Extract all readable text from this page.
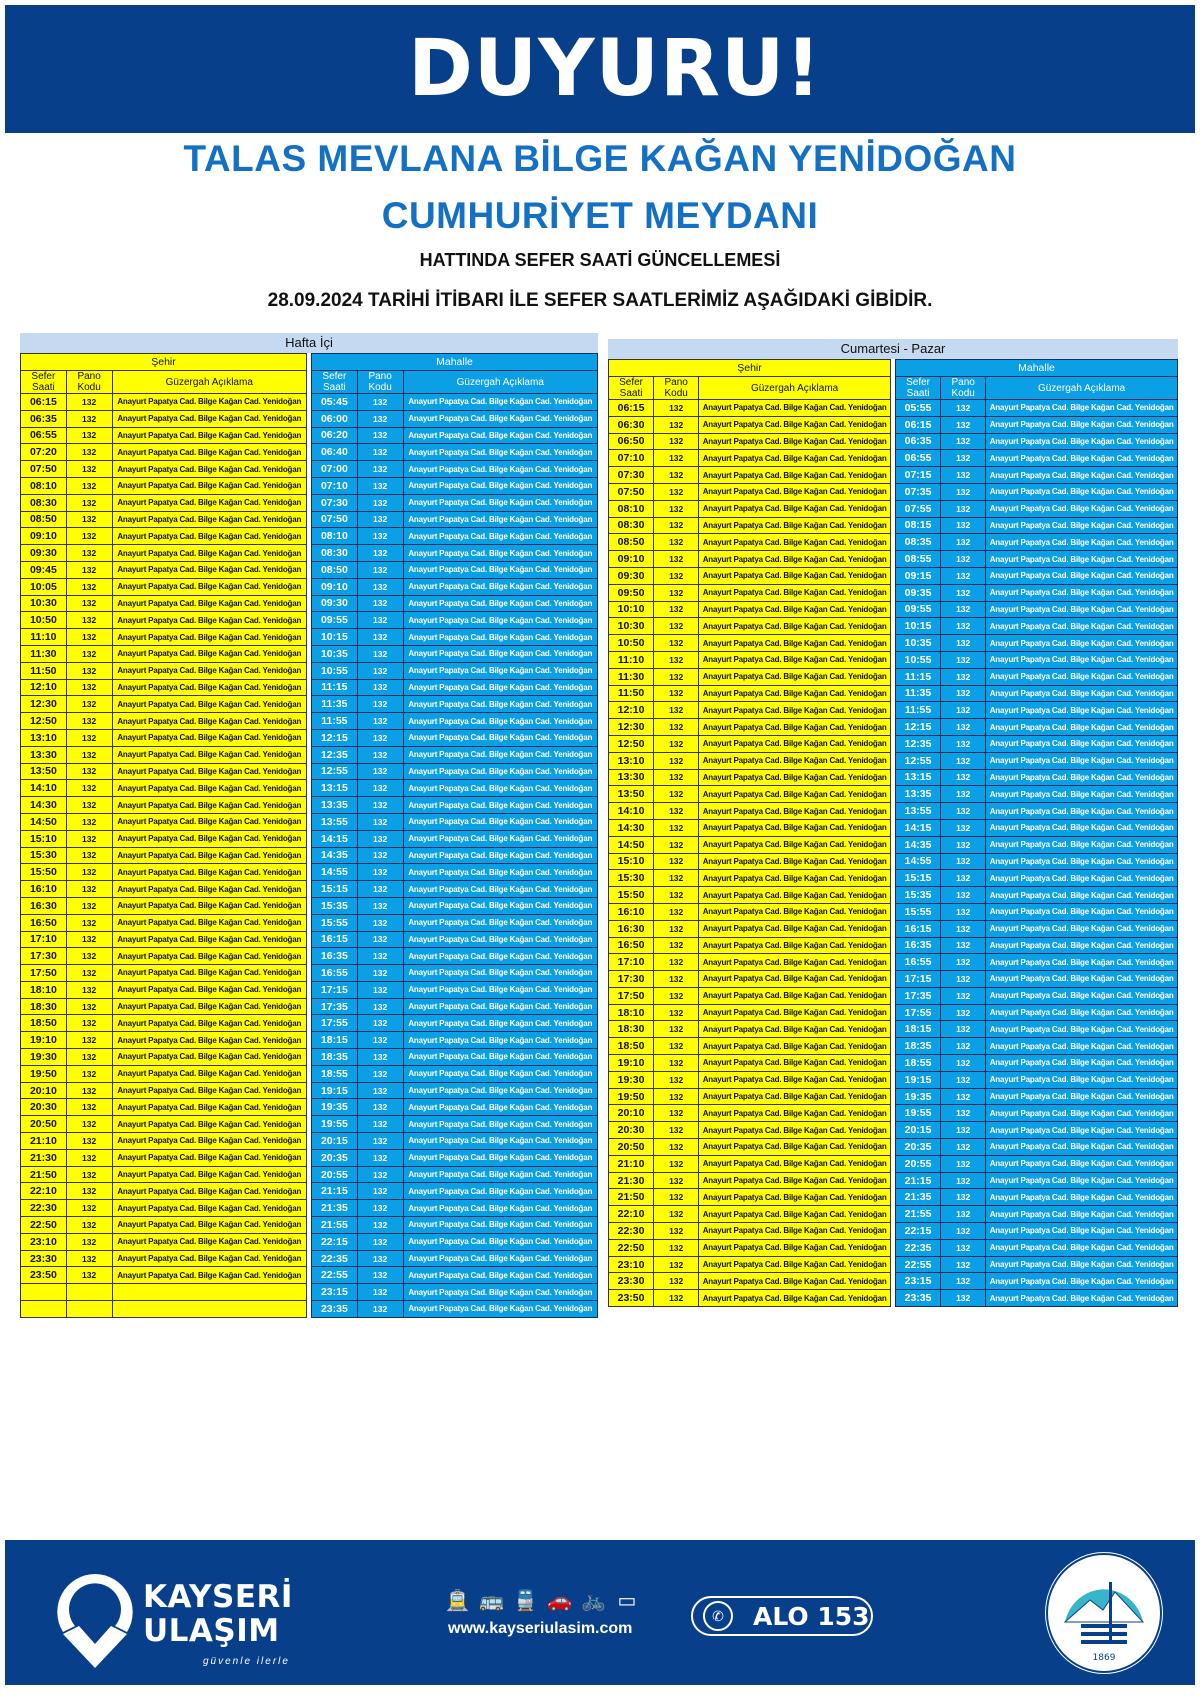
DUYURU!
TALAS MEVLANA BİLGE KAĞAN YENİDOĞAN
CUMHURİYET MEYDANI
HATTINDA SEFER SAATİ GÜNCELLEMESİ
28.09.2024 TARİHİ İTİBARI İLE SEFER SAATLERİMİZ AŞAĞIDAKİ GİBİDİR.
Hafta İçi
Şehir		
Sefer Saati	Pano Kodu	Güzergah Açıklama
06:15	132	Anayurt Papatya Cad. Bilge Kağan Cad. Yenidoğan
06:35	132	Anayurt Papatya Cad. Bilge Kağan Cad. Yenidoğan
06:55	132	Anayurt Papatya Cad. Bilge Kağan Cad. Yenidoğan
07:20	132	Anayurt Papatya Cad. Bilge Kağan Cad. Yenidoğan
07:50	132	Anayurt Papatya Cad. Bilge Kağan Cad. Yenidoğan
08:10	132	Anayurt Papatya Cad. Bilge Kağan Cad. Yenidoğan
08:30	132	Anayurt Papatya Cad. Bilge Kağan Cad. Yenidoğan
08:50	132	Anayurt Papatya Cad. Bilge Kağan Cad. Yenidoğan
09:10	132	Anayurt Papatya Cad. Bilge Kağan Cad. Yenidoğan
09:30	132	Anayurt Papatya Cad. Bilge Kağan Cad. Yenidoğan
09:45	132	Anayurt Papatya Cad. Bilge Kağan Cad. Yenidoğan
10:05	132	Anayurt Papatya Cad. Bilge Kağan Cad. Yenidoğan
10:30	132	Anayurt Papatya Cad. Bilge Kağan Cad. Yenidoğan
10:50	132	Anayurt Papatya Cad. Bilge Kağan Cad. Yenidoğan
11:10	132	Anayurt Papatya Cad. Bilge Kağan Cad. Yenidoğan
11:30	132	Anayurt Papatya Cad. Bilge Kağan Cad. Yenidoğan
11:50	132	Anayurt Papatya Cad. Bilge Kağan Cad. Yenidoğan
12:10	132	Anayurt Papatya Cad. Bilge Kağan Cad. Yenidoğan
12:30	132	Anayurt Papatya Cad. Bilge Kağan Cad. Yenidoğan
12:50	132	Anayurt Papatya Cad. Bilge Kağan Cad. Yenidoğan
13:10	132	Anayurt Papatya Cad. Bilge Kağan Cad. Yenidoğan
13:30	132	Anayurt Papatya Cad. Bilge Kağan Cad. Yenidoğan
13:50	132	Anayurt Papatya Cad. Bilge Kağan Cad. Yenidoğan
14:10	132	Anayurt Papatya Cad. Bilge Kağan Cad. Yenidoğan
14:30	132	Anayurt Papatya Cad. Bilge Kağan Cad. Yenidoğan
14:50	132	Anayurt Papatya Cad. Bilge Kağan Cad. Yenidoğan
15:10	132	Anayurt Papatya Cad. Bilge Kağan Cad. Yenidoğan
15:30	132	Anayurt Papatya Cad. Bilge Kağan Cad. Yenidoğan
15:50	132	Anayurt Papatya Cad. Bilge Kağan Cad. Yenidoğan
16:10	132	Anayurt Papatya Cad. Bilge Kağan Cad. Yenidoğan
16:30	132	Anayurt Papatya Cad. Bilge Kağan Cad. Yenidoğan
16:50	132	Anayurt Papatya Cad. Bilge Kağan Cad. Yenidoğan
17:10	132	Anayurt Papatya Cad. Bilge Kağan Cad. Yenidoğan
17:30	132	Anayurt Papatya Cad. Bilge Kağan Cad. Yenidoğan
17:50	132	Anayurt Papatya Cad. Bilge Kağan Cad. Yenidoğan
18:10	132	Anayurt Papatya Cad. Bilge Kağan Cad. Yenidoğan
18:30	132	Anayurt Papatya Cad. Bilge Kağan Cad. Yenidoğan
18:50	132	Anayurt Papatya Cad. Bilge Kağan Cad. Yenidoğan
19:10	132	Anayurt Papatya Cad. Bilge Kağan Cad. Yenidoğan
19:30	132	Anayurt Papatya Cad. Bilge Kağan Cad. Yenidoğan
19:50	132	Anayurt Papatya Cad. Bilge Kağan Cad. Yenidoğan
20:10	132	Anayurt Papatya Cad. Bilge Kağan Cad. Yenidoğan
20:30	132	Anayurt Papatya Cad. Bilge Kağan Cad. Yenidoğan
20:50	132	Anayurt Papatya Cad. Bilge Kağan Cad. Yenidoğan
21:10	132	Anayurt Papatya Cad. Bilge Kağan Cad. Yenidoğan
21:30	132	Anayurt Papatya Cad. Bilge Kağan Cad. Yenidoğan
21:50	132	Anayurt Papatya Cad. Bilge Kağan Cad. Yenidoğan
22:10	132	Anayurt Papatya Cad. Bilge Kağan Cad. Yenidoğan
22:30	132	Anayurt Papatya Cad. Bilge Kağan Cad. Yenidoğan
22:50	132	Anayurt Papatya Cad. Bilge Kağan Cad. Yenidoğan
23:10	132	Anayurt Papatya Cad. Bilge Kağan Cad. Yenidoğan
23:30	132	Anayurt Papatya Cad. Bilge Kağan Cad. Yenidoğan
23:50	132	Anayurt Papatya Cad. Bilge Kağan Cad. Yenidoğan

Mahalle		
Sefer Saati	Pano Kodu	Güzergah Açıklama
05:45	132	Anayurt Papatya Cad. Bilge Kağan Cad. Yenidoğan
06:00	132	Anayurt Papatya Cad. Bilge Kağan Cad. Yenidoğan
06:20	132	Anayurt Papatya Cad. Bilge Kağan Cad. Yenidoğan
06:40	132	Anayurt Papatya Cad. Bilge Kağan Cad. Yenidoğan
07:00	132	Anayurt Papatya Cad. Bilge Kağan Cad. Yenidoğan
07:10	132	Anayurt Papatya Cad. Bilge Kağan Cad. Yenidoğan
07:30	132	Anayurt Papatya Cad. Bilge Kağan Cad. Yenidoğan
07:50	132	Anayurt Papatya Cad. Bilge Kağan Cad. Yenidoğan
08:10	132	Anayurt Papatya Cad. Bilge Kağan Cad. Yenidoğan
08:30	132	Anayurt Papatya Cad. Bilge Kağan Cad. Yenidoğan
08:50	132	Anayurt Papatya Cad. Bilge Kağan Cad. Yenidoğan
09:10	132	Anayurt Papatya Cad. Bilge Kağan Cad. Yenidoğan
09:30	132	Anayurt Papatya Cad. Bilge Kağan Cad. Yenidoğan
09:55	132	Anayurt Papatya Cad. Bilge Kağan Cad. Yenidoğan
10:15	132	Anayurt Papatya Cad. Bilge Kağan Cad. Yenidoğan
10:35	132	Anayurt Papatya Cad. Bilge Kağan Cad. Yenidoğan
10:55	132	Anayurt Papatya Cad. Bilge Kağan Cad. Yenidoğan
11:15	132	Anayurt Papatya Cad. Bilge Kağan Cad. Yenidoğan
11:35	132	Anayurt Papatya Cad. Bilge Kağan Cad. Yenidoğan
11:55	132	Anayurt Papatya Cad. Bilge Kağan Cad. Yenidoğan
12:15	132	Anayurt Papatya Cad. Bilge Kağan Cad. Yenidoğan
12:35	132	Anayurt Papatya Cad. Bilge Kağan Cad. Yenidoğan
12:55	132	Anayurt Papatya Cad. Bilge Kağan Cad. Yenidoğan
13:15	132	Anayurt Papatya Cad. Bilge Kağan Cad. Yenidoğan
13:35	132	Anayurt Papatya Cad. Bilge Kağan Cad. Yenidoğan
13:55	132	Anayurt Papatya Cad. Bilge Kağan Cad. Yenidoğan
14:15	132	Anayurt Papatya Cad. Bilge Kağan Cad. Yenidoğan
14:35	132	Anayurt Papatya Cad. Bilge Kağan Cad. Yenidoğan
14:55	132	Anayurt Papatya Cad. Bilge Kağan Cad. Yenidoğan
15:15	132	Anayurt Papatya Cad. Bilge Kağan Cad. Yenidoğan
15:35	132	Anayurt Papatya Cad. Bilge Kağan Cad. Yenidoğan
15:55	132	Anayurt Papatya Cad. Bilge Kağan Cad. Yenidoğan
16:15	132	Anayurt Papatya Cad. Bilge Kağan Cad. Yenidoğan
16:35	132	Anayurt Papatya Cad. Bilge Kağan Cad. Yenidoğan
16:55	132	Anayurt Papatya Cad. Bilge Kağan Cad. Yenidoğan
17:15	132	Anayurt Papatya Cad. Bilge Kağan Cad. Yenidoğan
17:35	132	Anayurt Papatya Cad. Bilge Kağan Cad. Yenidoğan
17:55	132	Anayurt Papatya Cad. Bilge Kağan Cad. Yenidoğan
18:15	132	Anayurt Papatya Cad. Bilge Kağan Cad. Yenidoğan
18:35	132	Anayurt Papatya Cad. Bilge Kağan Cad. Yenidoğan
18:55	132	Anayurt Papatya Cad. Bilge Kağan Cad. Yenidoğan
19:15	132	Anayurt Papatya Cad. Bilge Kağan Cad. Yenidoğan
19:35	132	Anayurt Papatya Cad. Bilge Kağan Cad. Yenidoğan
19:55	132	Anayurt Papatya Cad. Bilge Kağan Cad. Yenidoğan
20:15	132	Anayurt Papatya Cad. Bilge Kağan Cad. Yenidoğan
20:35	132	Anayurt Papatya Cad. Bilge Kağan Cad. Yenidoğan
20:55	132	Anayurt Papatya Cad. Bilge Kağan Cad. Yenidoğan
21:15	132	Anayurt Papatya Cad. Bilge Kağan Cad. Yenidoğan
21:35	132	Anayurt Papatya Cad. Bilge Kağan Cad. Yenidoğan
21:55	132	Anayurt Papatya Cad. Bilge Kağan Cad. Yenidoğan
22:15	132	Anayurt Papatya Cad. Bilge Kağan Cad. Yenidoğan
22:35	132	Anayurt Papatya Cad. Bilge Kağan Cad. Yenidoğan
22:55	132	Anayurt Papatya Cad. Bilge Kağan Cad. Yenidoğan
23:15	132	Anayurt Papatya Cad. Bilge Kağan Cad. Yenidoğan
23:35	132	Anayurt Papatya Cad. Bilge Kağan Cad. Yenidoğan
Cumartesi - Pazar
Şehir		
Sefer Saati	Pano Kodu	Güzergah Açıklama
06:15	132	Anayurt Papatya Cad. Bilge Kağan Cad. Yenidoğan
06:30	132	Anayurt Papatya Cad. Bilge Kağan Cad. Yenidoğan
06:50	132	Anayurt Papatya Cad. Bilge Kağan Cad. Yenidoğan
07:10	132	Anayurt Papatya Cad. Bilge Kağan Cad. Yenidoğan
07:30	132	Anayurt Papatya Cad. Bilge Kağan Cad. Yenidoğan
07:50	132	Anayurt Papatya Cad. Bilge Kağan Cad. Yenidoğan
08:10	132	Anayurt Papatya Cad. Bilge Kağan Cad. Yenidoğan
08:30	132	Anayurt Papatya Cad. Bilge Kağan Cad. Yenidoğan
08:50	132	Anayurt Papatya Cad. Bilge Kağan Cad. Yenidoğan
09:10	132	Anayurt Papatya Cad. Bilge Kağan Cad. Yenidoğan
09:30	132	Anayurt Papatya Cad. Bilge Kağan Cad. Yenidoğan
09:50	132	Anayurt Papatya Cad. Bilge Kağan Cad. Yenidoğan
10:10	132	Anayurt Papatya Cad. Bilge Kağan Cad. Yenidoğan
10:30	132	Anayurt Papatya Cad. Bilge Kağan Cad. Yenidoğan
10:50	132	Anayurt Papatya Cad. Bilge Kağan Cad. Yenidoğan
11:10	132	Anayurt Papatya Cad. Bilge Kağan Cad. Yenidoğan
11:30	132	Anayurt Papatya Cad. Bilge Kağan Cad. Yenidoğan
11:50	132	Anayurt Papatya Cad. Bilge Kağan Cad. Yenidoğan
12:10	132	Anayurt Papatya Cad. Bilge Kağan Cad. Yenidoğan
12:30	132	Anayurt Papatya Cad. Bilge Kağan Cad. Yenidoğan
12:50	132	Anayurt Papatya Cad. Bilge Kağan Cad. Yenidoğan
13:10	132	Anayurt Papatya Cad. Bilge Kağan Cad. Yenidoğan
13:30	132	Anayurt Papatya Cad. Bilge Kağan Cad. Yenidoğan
13:50	132	Anayurt Papatya Cad. Bilge Kağan Cad. Yenidoğan
14:10	132	Anayurt Papatya Cad. Bilge Kağan Cad. Yenidoğan
14:30	132	Anayurt Papatya Cad. Bilge Kağan Cad. Yenidoğan
14:50	132	Anayurt Papatya Cad. Bilge Kağan Cad. Yenidoğan
15:10	132	Anayurt Papatya Cad. Bilge Kağan Cad. Yenidoğan
15:30	132	Anayurt Papatya Cad. Bilge Kağan Cad. Yenidoğan
15:50	132	Anayurt Papatya Cad. Bilge Kağan Cad. Yenidoğan
16:10	132	Anayurt Papatya Cad. Bilge Kağan Cad. Yenidoğan
16:30	132	Anayurt Papatya Cad. Bilge Kağan Cad. Yenidoğan
16:50	132	Anayurt Papatya Cad. Bilge Kağan Cad. Yenidoğan
17:10	132	Anayurt Papatya Cad. Bilge Kağan Cad. Yenidoğan
17:30	132	Anayurt Papatya Cad. Bilge Kağan Cad. Yenidoğan
17:50	132	Anayurt Papatya Cad. Bilge Kağan Cad. Yenidoğan
18:10	132	Anayurt Papatya Cad. Bilge Kağan Cad. Yenidoğan
18:30	132	Anayurt Papatya Cad. Bilge Kağan Cad. Yenidoğan
18:50	132	Anayurt Papatya Cad. Bilge Kağan Cad. Yenidoğan
19:10	132	Anayurt Papatya Cad. Bilge Kağan Cad. Yenidoğan
19:30	132	Anayurt Papatya Cad. Bilge Kağan Cad. Yenidoğan
19:50	132	Anayurt Papatya Cad. Bilge Kağan Cad. Yenidoğan
20:10	132	Anayurt Papatya Cad. Bilge Kağan Cad. Yenidoğan
20:30	132	Anayurt Papatya Cad. Bilge Kağan Cad. Yenidoğan
20:50	132	Anayurt Papatya Cad. Bilge Kağan Cad. Yenidoğan
21:10	132	Anayurt Papatya Cad. Bilge Kağan Cad. Yenidoğan
21:30	132	Anayurt Papatya Cad. Bilge Kağan Cad. Yenidoğan
21:50	132	Anayurt Papatya Cad. Bilge Kağan Cad. Yenidoğan
22:10	132	Anayurt Papatya Cad. Bilge Kağan Cad. Yenidoğan
22:30	132	Anayurt Papatya Cad. Bilge Kağan Cad. Yenidoğan
22:50	132	Anayurt Papatya Cad. Bilge Kağan Cad. Yenidoğan
23:10	132	Anayurt Papatya Cad. Bilge Kağan Cad. Yenidoğan
23:30	132	Anayurt Papatya Cad. Bilge Kağan Cad. Yenidoğan
23:50	132	Anayurt Papatya Cad. Bilge Kağan Cad. Yenidoğan
Mahalle		
Sefer Saati	Pano Kodu	Güzergah Açıklama
05:55	132	Anayurt Papatya Cad. Bilge Kağan Cad. Yenidoğan
06:15	132	Anayurt Papatya Cad. Bilge Kağan Cad. Yenidoğan
06:35	132	Anayurt Papatya Cad. Bilge Kağan Cad. Yenidoğan
06:55	132	Anayurt Papatya Cad. Bilge Kağan Cad. Yenidoğan
07:15	132	Anayurt Papatya Cad. Bilge Kağan Cad. Yenidoğan
07:35	132	Anayurt Papatya Cad. Bilge Kağan Cad. Yenidoğan
07:55	132	Anayurt Papatya Cad. Bilge Kağan Cad. Yenidoğan
08:15	132	Anayurt Papatya Cad. Bilge Kağan Cad. Yenidoğan
08:35	132	Anayurt Papatya Cad. Bilge Kağan Cad. Yenidoğan
08:55	132	Anayurt Papatya Cad. Bilge Kağan Cad. Yenidoğan
09:15	132	Anayurt Papatya Cad. Bilge Kağan Cad. Yenidoğan
09:35	132	Anayurt Papatya Cad. Bilge Kağan Cad. Yenidoğan
09:55	132	Anayurt Papatya Cad. Bilge Kağan Cad. Yenidoğan
10:15	132	Anayurt Papatya Cad. Bilge Kağan Cad. Yenidoğan
10:35	132	Anayurt Papatya Cad. Bilge Kağan Cad. Yenidoğan
10:55	132	Anayurt Papatya Cad. Bilge Kağan Cad. Yenidoğan
11:15	132	Anayurt Papatya Cad. Bilge Kağan Cad. Yenidoğan
11:35	132	Anayurt Papatya Cad. Bilge Kağan Cad. Yenidoğan
11:55	132	Anayurt Papatya Cad. Bilge Kağan Cad. Yenidoğan
12:15	132	Anayurt Papatya Cad. Bilge Kağan Cad. Yenidoğan
12:35	132	Anayurt Papatya Cad. Bilge Kağan Cad. Yenidoğan
12:55	132	Anayurt Papatya Cad. Bilge Kağan Cad. Yenidoğan
13:15	132	Anayurt Papatya Cad. Bilge Kağan Cad. Yenidoğan
13:35	132	Anayurt Papatya Cad. Bilge Kağan Cad. Yenidoğan
13:55	132	Anayurt Papatya Cad. Bilge Kağan Cad. Yenidoğan
14:15	132	Anayurt Papatya Cad. Bilge Kağan Cad. Yenidoğan
14:35	132	Anayurt Papatya Cad. Bilge Kağan Cad. Yenidoğan
14:55	132	Anayurt Papatya Cad. Bilge Kağan Cad. Yenidoğan
15:15	132	Anayurt Papatya Cad. Bilge Kağan Cad. Yenidoğan
15:35	132	Anayurt Papatya Cad. Bilge Kağan Cad. Yenidoğan
15:55	132	Anayurt Papatya Cad. Bilge Kağan Cad. Yenidoğan
16:15	132	Anayurt Papatya Cad. Bilge Kağan Cad. Yenidoğan
16:35	132	Anayurt Papatya Cad. Bilge Kağan Cad. Yenidoğan
16:55	132	Anayurt Papatya Cad. Bilge Kağan Cad. Yenidoğan
17:15	132	Anayurt Papatya Cad. Bilge Kağan Cad. Yenidoğan
17:35	132	Anayurt Papatya Cad. Bilge Kağan Cad. Yenidoğan
17:55	132	Anayurt Papatya Cad. Bilge Kağan Cad. Yenidoğan
18:15	132	Anayurt Papatya Cad. Bilge Kağan Cad. Yenidoğan
18:35	132	Anayurt Papatya Cad. Bilge Kağan Cad. Yenidoğan
18:55	132	Anayurt Papatya Cad. Bilge Kağan Cad. Yenidoğan
19:15	132	Anayurt Papatya Cad. Bilge Kağan Cad. Yenidoğan
19:35	132	Anayurt Papatya Cad. Bilge Kağan Cad. Yenidoğan
19:55	132	Anayurt Papatya Cad. Bilge Kağan Cad. Yenidoğan
20:15	132	Anayurt Papatya Cad. Bilge Kağan Cad. Yenidoğan
20:35	132	Anayurt Papatya Cad. Bilge Kağan Cad. Yenidoğan
20:55	132	Anayurt Papatya Cad. Bilge Kağan Cad. Yenidoğan
21:15	132	Anayurt Papatya Cad. Bilge Kağan Cad. Yenidoğan
21:35	132	Anayurt Papatya Cad. Bilge Kağan Cad. Yenidoğan
21:55	132	Anayurt Papatya Cad. Bilge Kağan Cad. Yenidoğan
22:15	132	Anayurt Papatya Cad. Bilge Kağan Cad. Yenidoğan
22:35	132	Anayurt Papatya Cad. Bilge Kağan Cad. Yenidoğan
22:55	132	Anayurt Papatya Cad. Bilge Kağan Cad. Yenidoğan
23:15	132	Anayurt Papatya Cad. Bilge Kağan Cad. Yenidoğan
23:35	132	Anayurt Papatya Cad. Bilge Kağan Cad. Yenidoğan
KAYSERİ
ULAŞIM
güvenle ilerle
🚊 🚌 🚆 🚗 🚲 ▭
www.kayseriulasim.com
✆	ALO 153
1869
